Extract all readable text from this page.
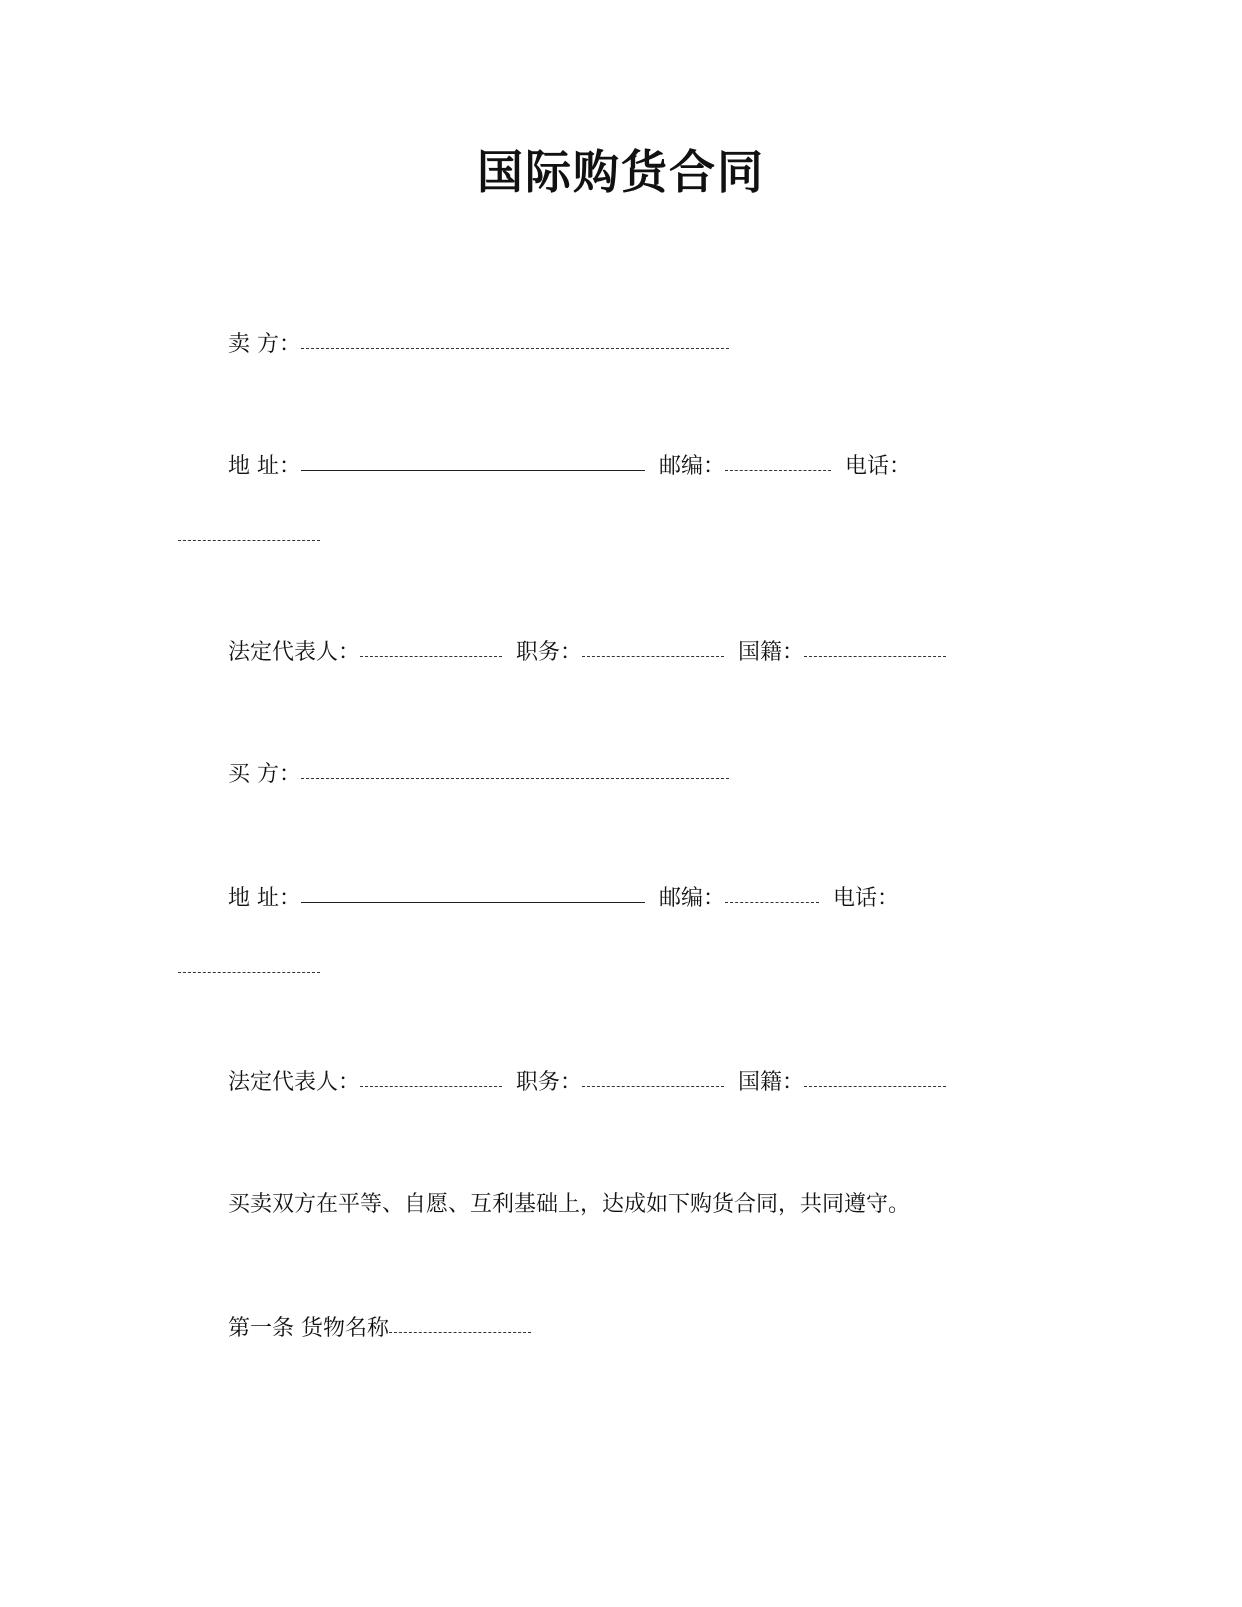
国际购货合同
卖 方：
地 址：	邮编：	电话：
法定代表人：	职务：	国籍：
买 方：
地 址：	邮编：	电话：
法定代表人：	职务：	国籍：
买卖双方在平等、自愿、互利基础上，达成如下购货合同，共同遵守。
第一条 货物名称
